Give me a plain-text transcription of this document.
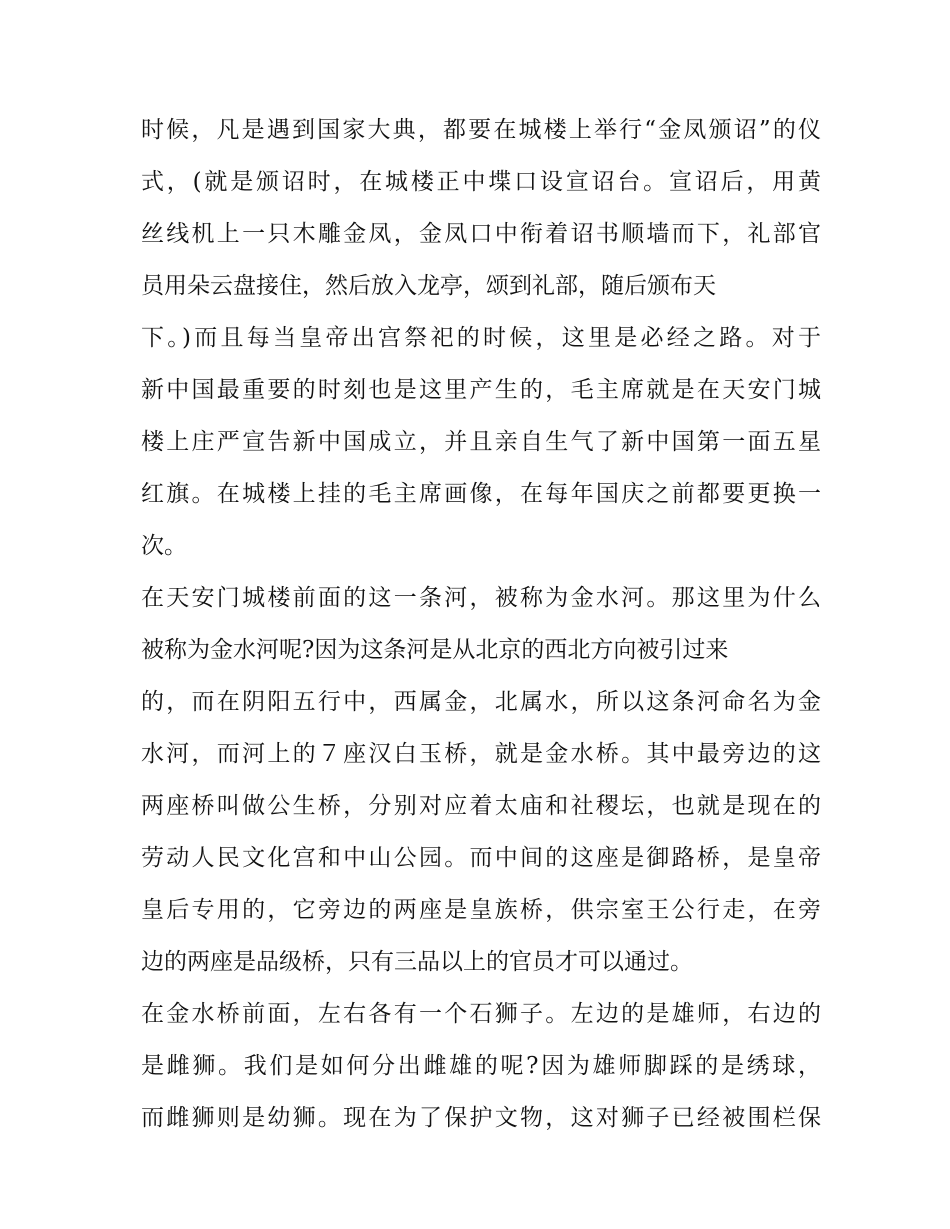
时候，凡是遇到国家大典，都要在城楼上举行“金凤颁诏”的仪
式，(就是颁诏时，在城楼正中堞口设宣诏台。宣诏后，用黄
丝线机上一只木雕金凤，金凤口中衔着诏书顺墙而下，礼部官
员用朵云盘接住，然后放入龙亭，颂到礼部，随后颁布天
下。)而且每当皇帝出宫祭祀的时候，这里是必经之路。对于
新中国最重要的时刻也是这里产生的，毛主席就是在天安门城
楼上庄严宣告新中国成立，并且亲自生气了新中国第一面五星
红旗。在城楼上挂的毛主席画像，在每年国庆之前都要更换一
次。
在天安门城楼前面的这一条河，被称为金水河。那这里为什么
被称为金水河呢?因为这条河是从北京的西北方向被引过来
的，而在阴阳五行中，西属金，北属水，所以这条河命名为金
水河，而河上的７座汉白玉桥，就是金水桥。其中最旁边的这
两座桥叫做公生桥，分别对应着太庙和社稷坛，也就是现在的
劳动人民文化宫和中山公园。而中间的这座是御路桥，是皇帝
皇后专用的，它旁边的两座是皇族桥，供宗室王公行走，在旁
边的两座是品级桥，只有三品以上的官员才可以通过。
在金水桥前面，左右各有一个石狮子。左边的是雄师，右边的
是雌狮。我们是如何分出雌雄的呢?因为雄师脚踩的是绣球，
而雌狮则是幼狮。现在为了保护文物，这对狮子已经被围栏保
